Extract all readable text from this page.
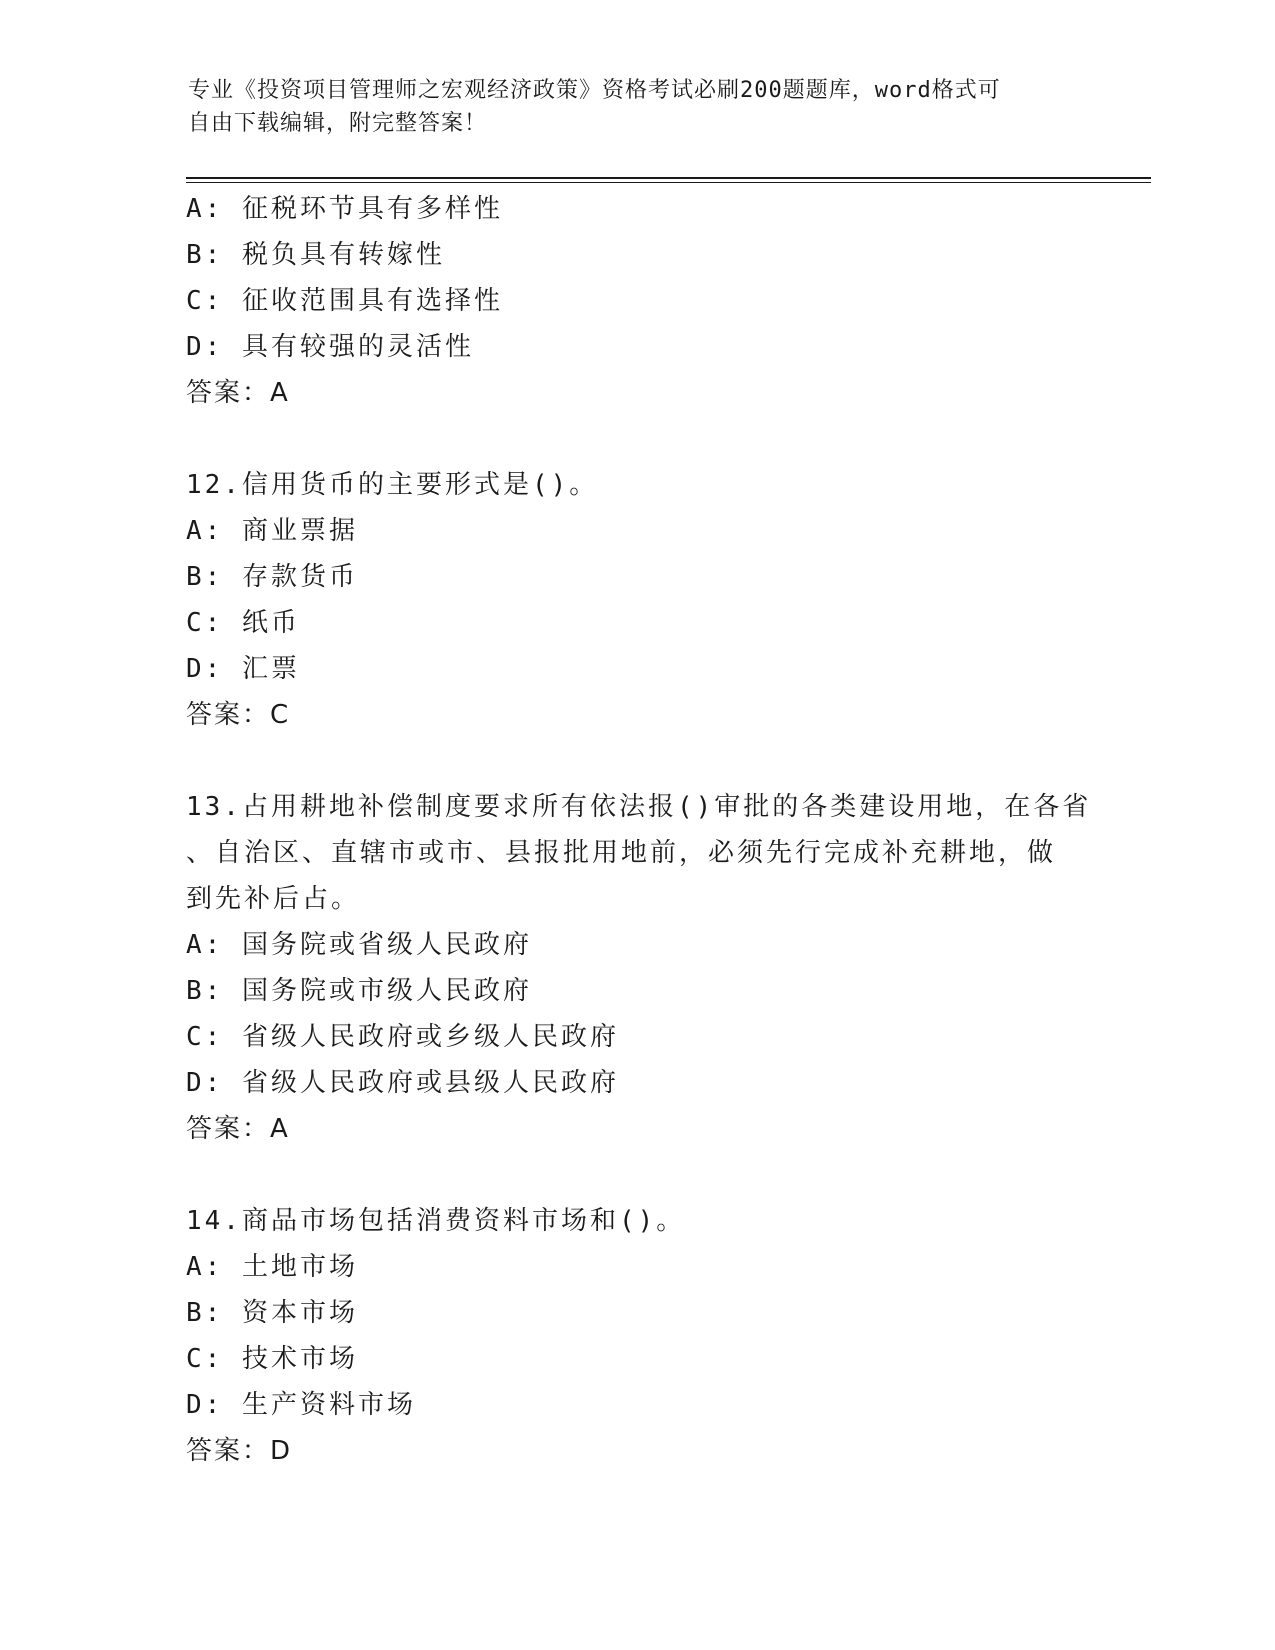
专业《投资项目管理师之宏观经济政策》资格考试必刷200题题库，word格式可
自由下载编辑，附完整答案！
A: 征税环节具有多样性
B: 税负具有转嫁性
C: 征收范围具有选择性
D: 具有较强的灵活性
答案：A
12.信用货币的主要形式是()。
A: 商业票据
B: 存款货币
C: 纸币
D: 汇票
答案：C
13.占用耕地补偿制度要求所有依法报()审批的各类建设用地，在各省
、自治区、直辖市或市、县报批用地前，必须先行完成补充耕地，做
到先补后占。
A: 国务院或省级人民政府
B: 国务院或市级人民政府
C: 省级人民政府或乡级人民政府
D: 省级人民政府或县级人民政府
答案：A
14.商品市场包括消费资料市场和()。
A: 土地市场
B: 资本市场
C: 技术市场
D: 生产资料市场
答案：D
